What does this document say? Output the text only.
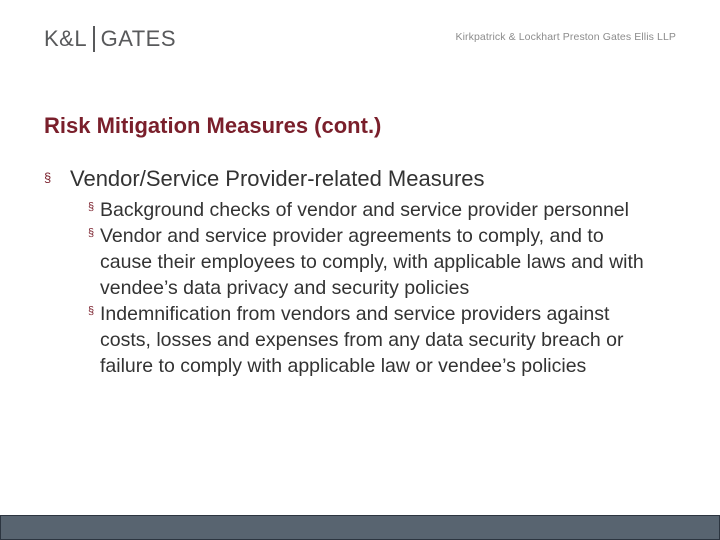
K&L GATES	Kirkpatrick & Lockhart Preston Gates Ellis LLP
Risk Mitigation Measures (cont.)
§ Vendor/Service Provider-related Measures
§ Background checks of vendor and service provider personnel
§ Vendor and service provider agreements to comply, and to cause their employees to comply, with applicable laws and with vendee’s data privacy and security policies
§ Indemnification from vendors and service providers against costs, losses and expenses from any data security breach or failure to comply with applicable law or vendee’s policies
